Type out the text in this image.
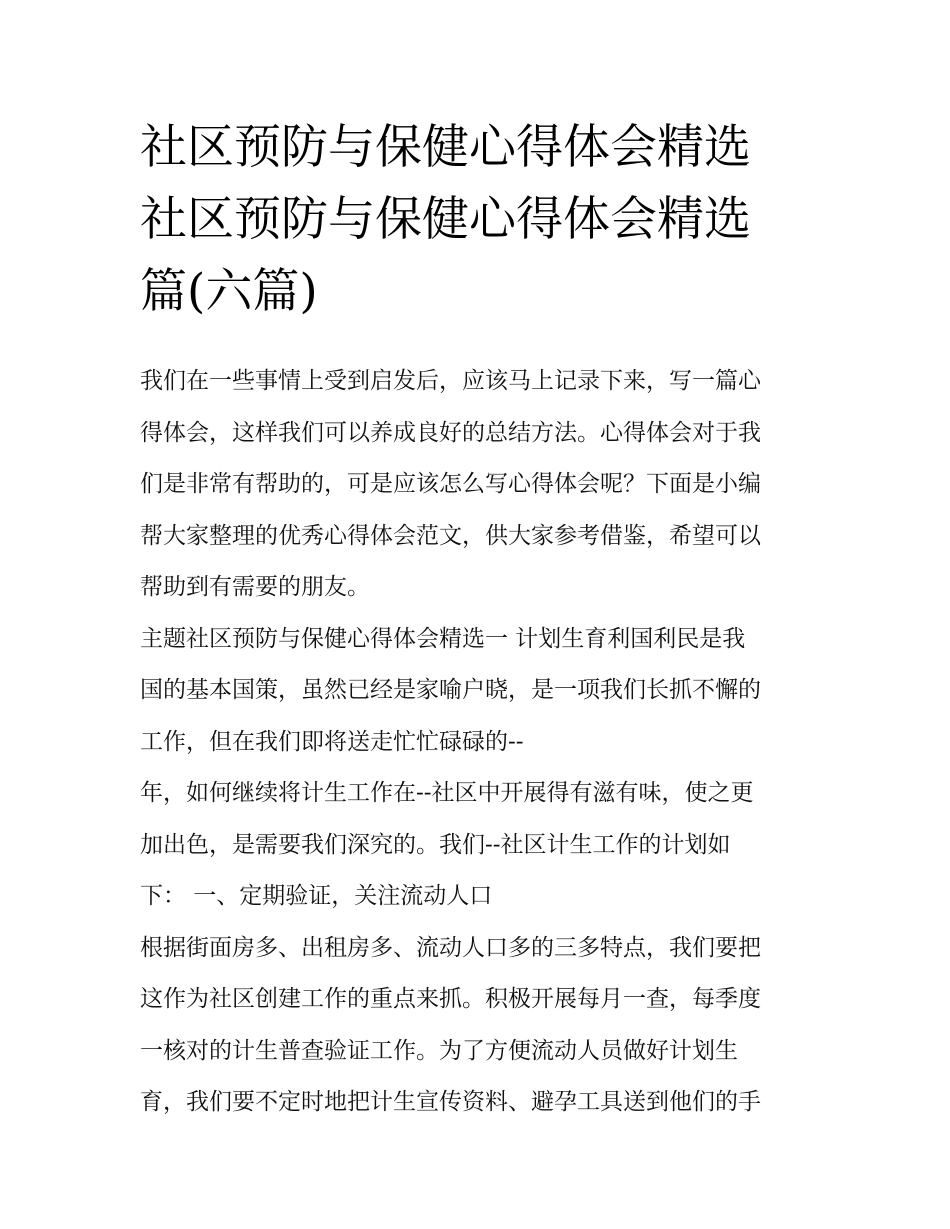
社区预防与保健心得体会精选
社区预防与保健心得体会精选
篇(六篇)
我们在一些事情上受到启发后，应该马上记录下来，写一篇心
得体会，这样我们可以养成良好的总结方法。心得体会对于我
们是非常有帮助的，可是应该怎么写心得体会呢？下面是小编
帮大家整理的优秀心得体会范文，供大家参考借鉴，希望可以
帮助到有需要的朋友。
主题社区预防与保健心得体会精选一 计划生育利国利民是我
国的基本国策，虽然已经是家喻户晓，是一项我们长抓不懈的
工作，但在我们即将送走忙忙碌碌的--
年，如何继续将计生工作在--社区中开展得有滋有味，使之更
加出色，是需要我们深究的。我们--社区计生工作的计划如
下： 一、定期验证，关注流动人口
根据街面房多、出租房多、流动人口多的三多特点，我们要把
这作为社区创建工作的重点来抓。积极开展每月一查，每季度
一核对的计生普查验证工作。为了方便流动人员做好计划生
育，我们要不定时地把计生宣传资料、避孕工具送到他们的手
